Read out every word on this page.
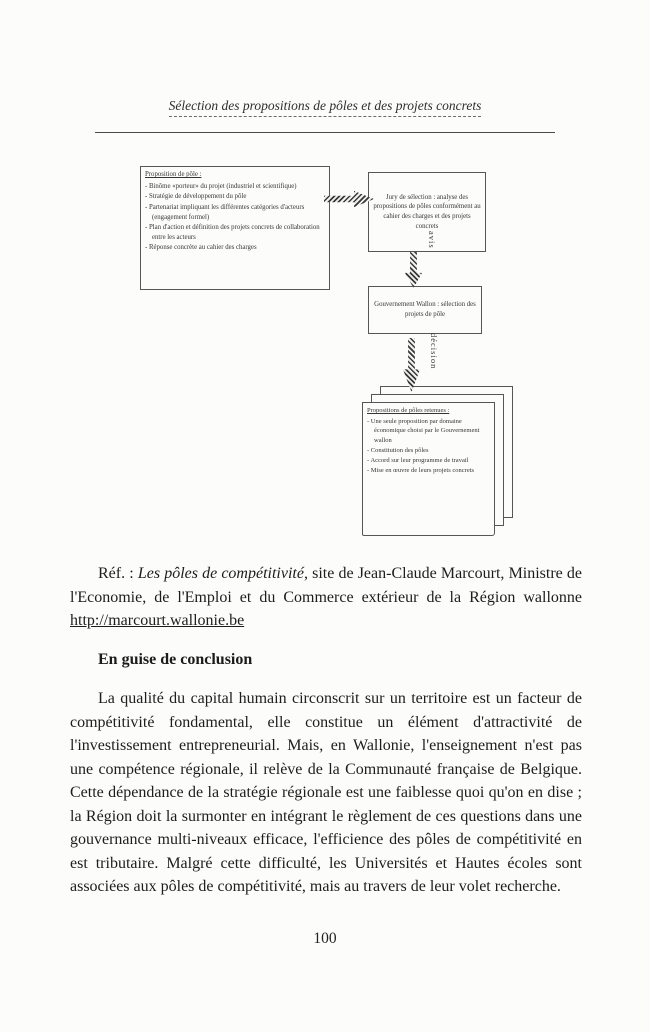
Sélection des propositions de pôles et des projets concrets
Proposition de pôle :
- Binôme «porteur» du projet (industriel et scientifique)
- Stratégie de développement du pôle
- Partenariat impliquant les différentes catégories d'acteurs (engagement formel)
- Plan d'action et définition des projets concrets de collaboration entre les acteurs
- Réponse concrète au cahier des charges
Jury de sélection : analyse des propositions de pôles conformément au cahier des charges et des projets concrets
avis
Gouvernement Wallon : sélection des projets de pôle
décision
Propositions de pôles retenues :
- Une seule proposition par domaine économique choisi par le Gouvernement wallon
- Constitution des pôles
- Accord sur leur programme de travail
- Mise en œuvre de leurs projets concrets

Réf. : Les pôles de compétitivité, site de Jean-Claude Marcourt, Ministre de l'Economie, de l'Emploi et du Commerce extérieur de la Région wallonne http://marcourt.wallonie.be

En guise de conclusion

La qualité du capital humain circonscrit sur un territoire est un facteur de compétitivité fondamental, elle constitue un élément d'attractivité de l'investissement entrepreneurial. Mais, en Wallonie, l'enseignement n'est pas une compétence régionale, il relève de la Communauté française de Belgique. Cette dépendance de la stratégie régionale est une faiblesse quoi qu'on en dise ; la Région doit la surmonter en intégrant le règlement de ces questions dans une gouvernance multi-niveaux efficace, l'efficience des pôles de compétitivité en est tributaire. Malgré cette difficulté, les Universités et Hautes écoles sont associées aux pôles de compétitivité, mais au travers de leur volet recherche.

100
